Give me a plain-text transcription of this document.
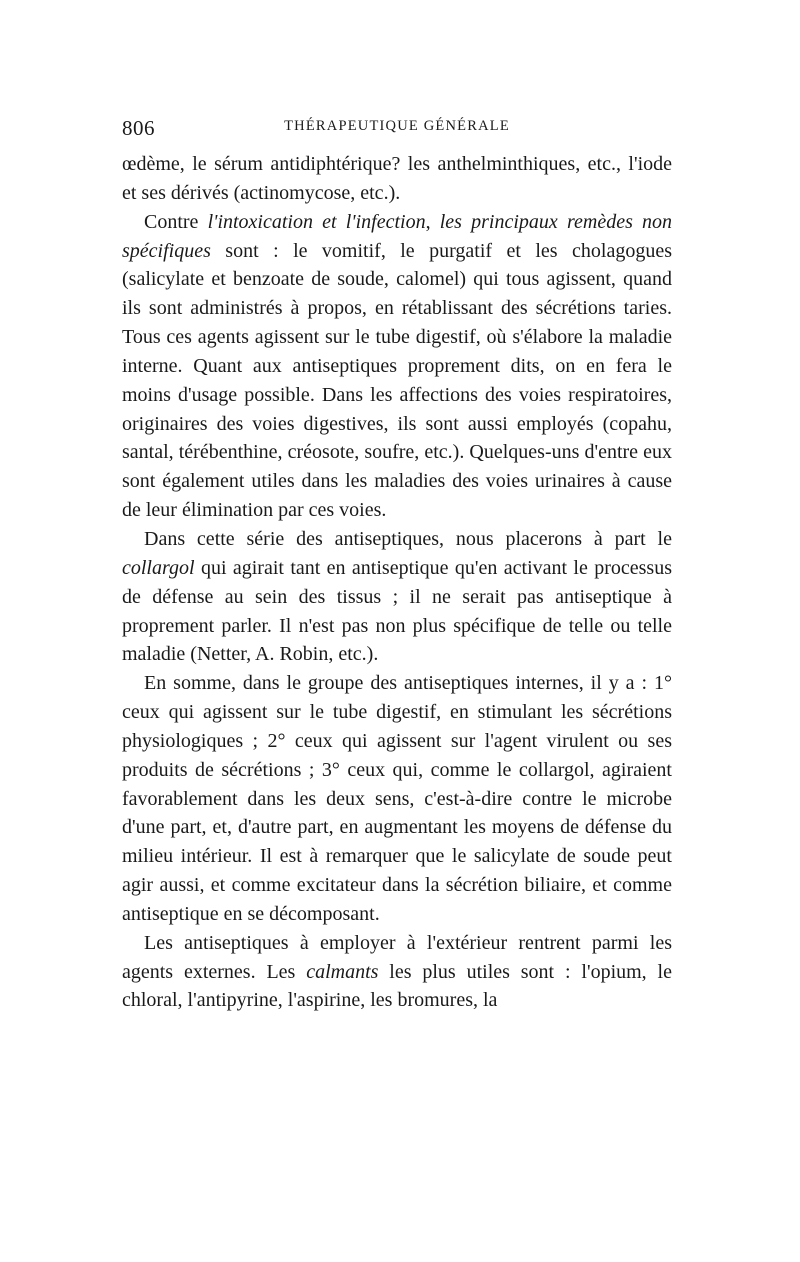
806	THÉRAPEUTIQUE GÉNÉRALE

œdème, le sérum antidiphtérique? les anthelminthiques, etc., l'iode et ses dérivés (actinomycose, etc.).

Contre l'intoxication et l'infection, les principaux remèdes non spécifiques sont : le vomitif, le purgatif et les cholagogues (salicylate et benzoate de soude, calomel) qui tous agissent, quand ils sont administrés à propos, en rétablissant des sécrétions taries. Tous ces agents agissent sur le tube digestif, où s'élabore la maladie interne. Quant aux antiseptiques proprement dits, on en fera le moins d'usage possible. Dans les affections des voies respiratoires, originaires des voies digestives, ils sont aussi employés (copahu, santal, térébenthine, créosote, soufre, etc.). Quelques-uns d'entre eux sont également utiles dans les maladies des voies urinaires à cause de leur élimination par ces voies.

Dans cette série des antiseptiques, nous placerons à part le collargol qui agirait tant en antiseptique qu'en activant le processus de défense au sein des tissus ; il ne serait pas antiseptique à proprement parler. Il n'est pas non plus spécifique de telle ou telle maladie (Netter, A. Robin, etc.).

En somme, dans le groupe des antiseptiques internes, il y a : 1° ceux qui agissent sur le tube digestif, en stimulant les sécrétions physiologiques ; 2° ceux qui agissent sur l'agent virulent ou ses produits de sécrétions ; 3° ceux qui, comme le collargol, agiraient favorablement dans les deux sens, c'est-à-dire contre le microbe d'une part, et, d'autre part, en augmentant les moyens de défense du milieu intérieur. Il est à remarquer que le salicylate de soude peut agir aussi, et comme excitateur dans la sécrétion biliaire, et comme antiseptique en se décomposant.

Les antiseptiques à employer à l'extérieur rentrent parmi les agents externes. Les calmants les plus utiles sont : l'opium, le chloral, l'antipyrine, l'aspirine, les bromures, la
